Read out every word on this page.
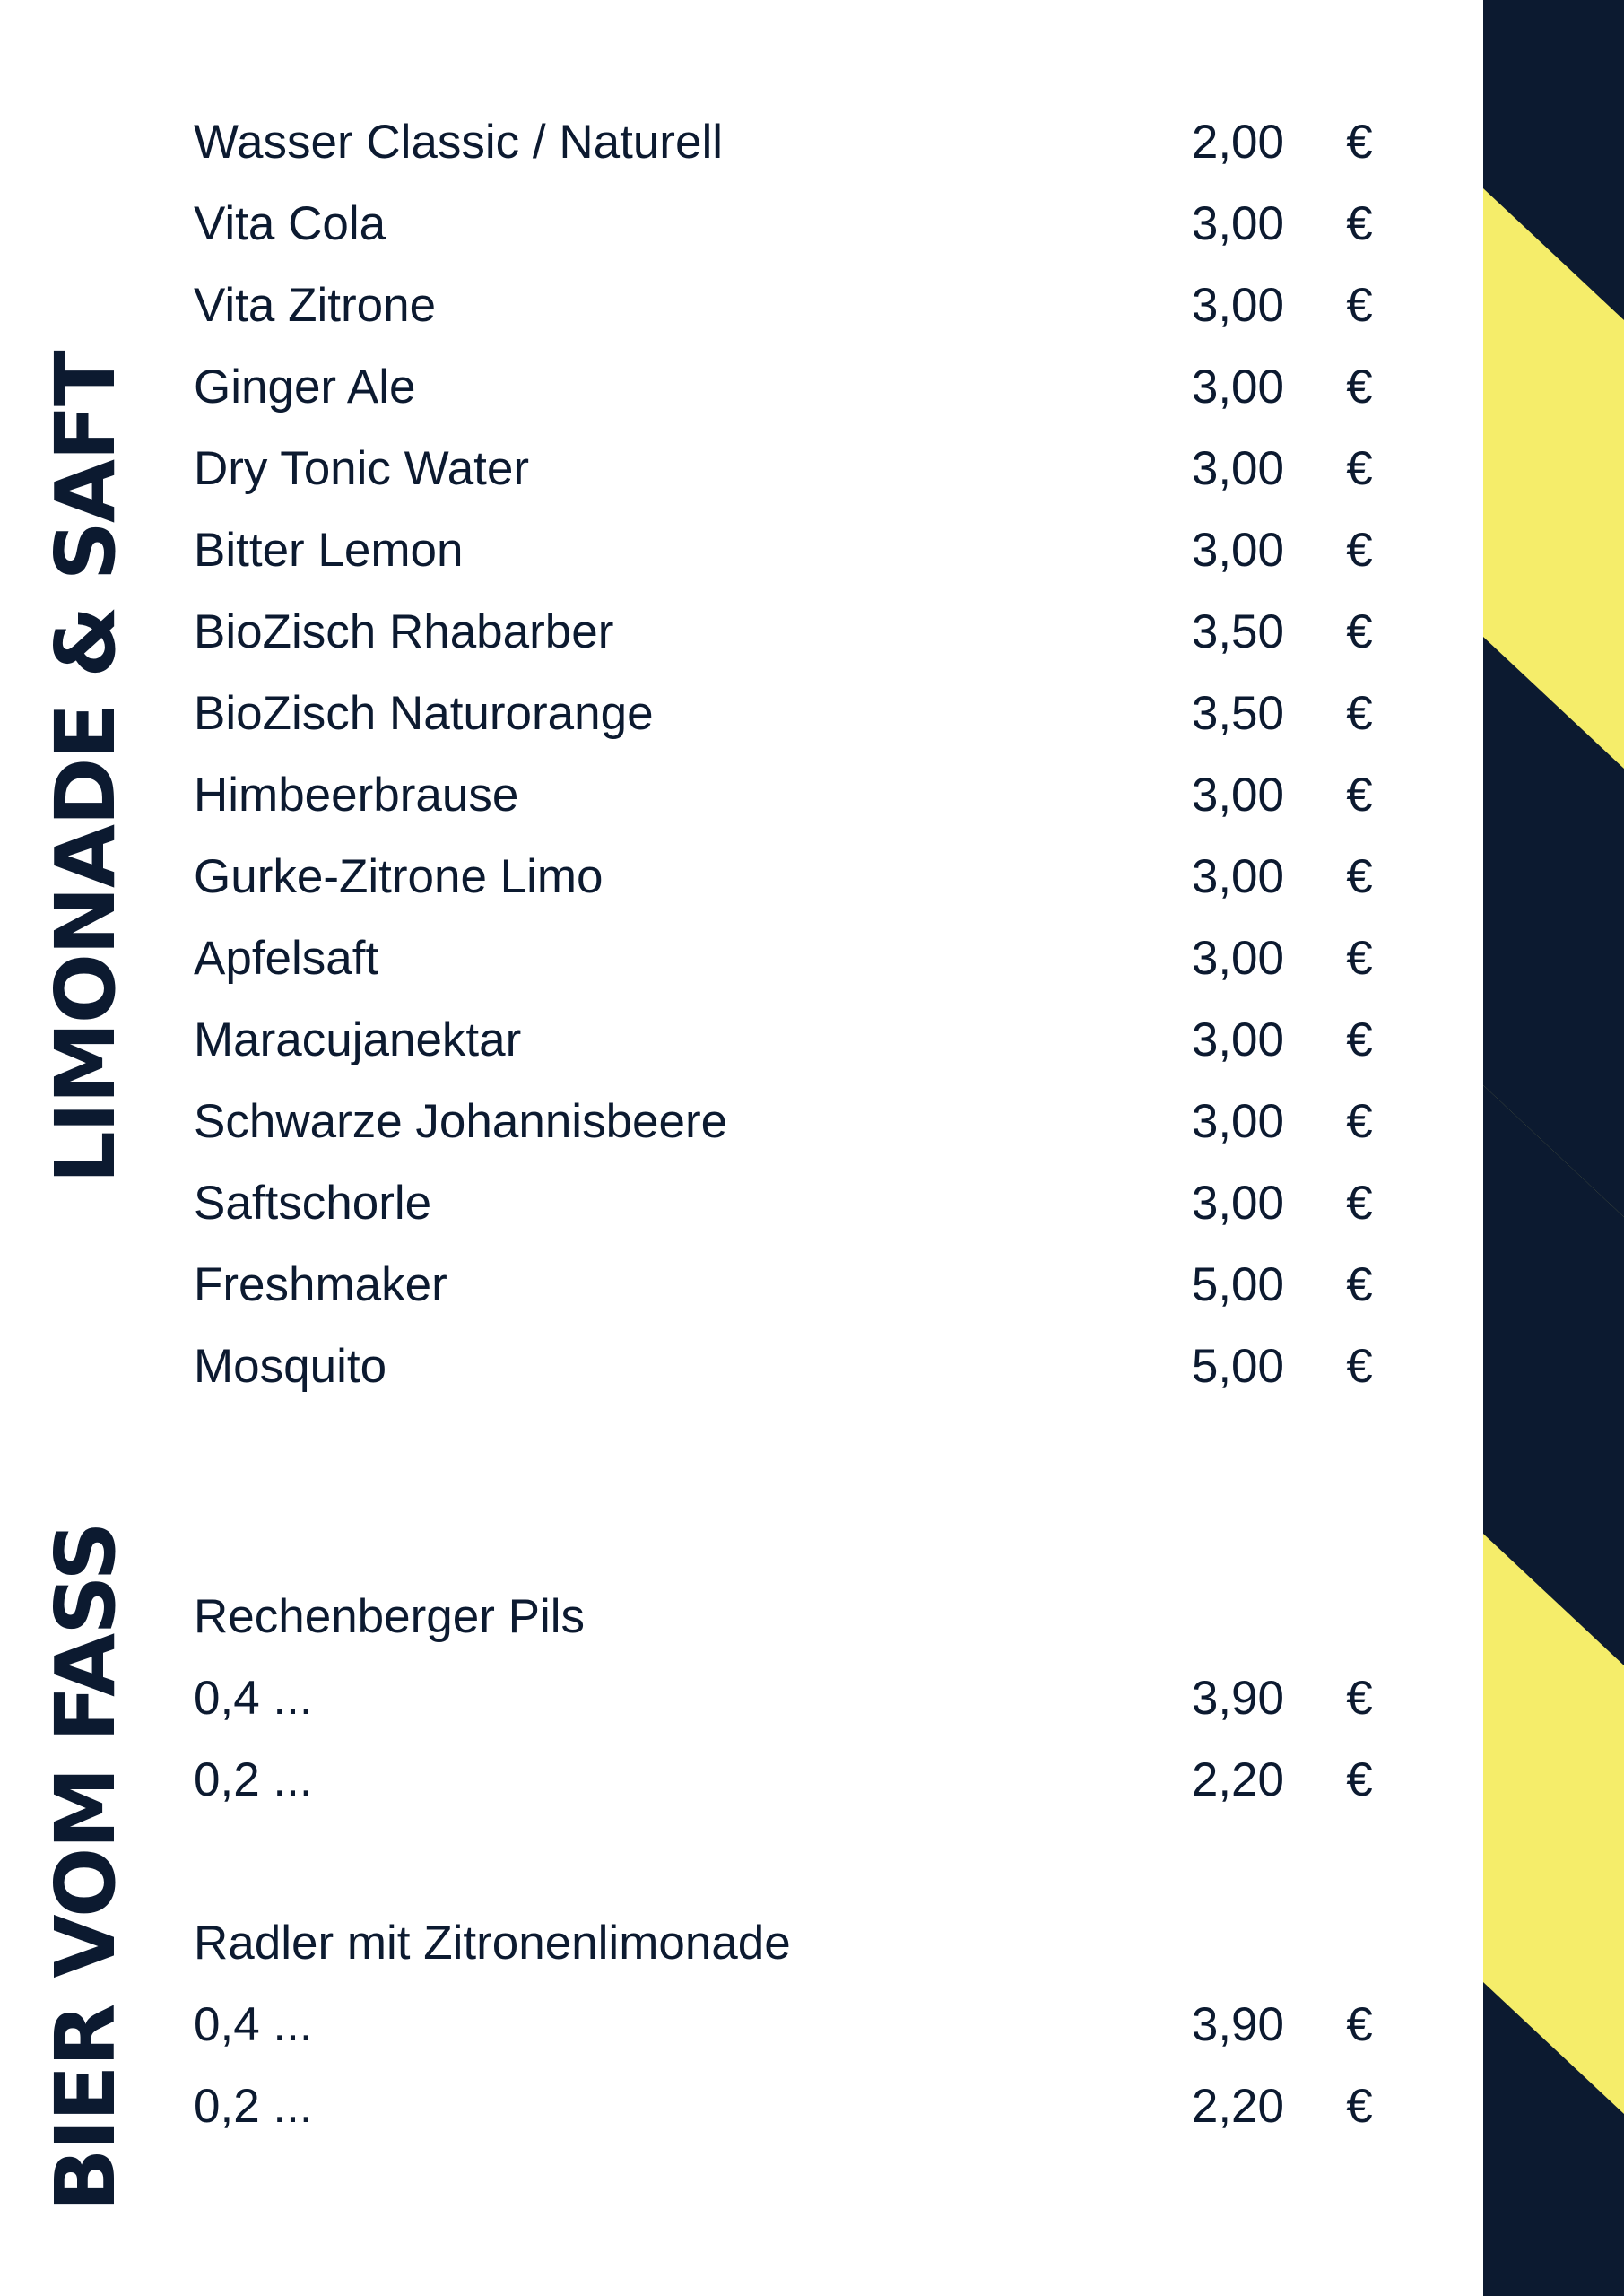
LIMONADE & SAFT
BIER VOM FASS
Wasser Classic / Naturell	2,00 €
Vita Cola	3,00 €
Vita Zitrone	3,00 €
Ginger Ale	3,00 €
Dry Tonic Water	3,00 €
Bitter Lemon	3,00 €
BioZisch Rhabarber	3,50 €
BioZisch Naturorange	3,50 €
Himbeerbrause	3,00 €
Gurke-Zitrone Limo	3,00 €
Apfelsaft	3,00 €
Maracujanektar	3,00 €
Schwarze Johannisbeere	3,00 €
Saftschorle	3,00 €
Freshmaker	5,00 €
Mosquito	5,00 €
Rechenberger Pils
0,4 ...	3,90 €
0,2 ...	2,20 €
Radler mit Zitronenlimonade
0,4 ...	3,90 €
0,2 ...	2,20 €
